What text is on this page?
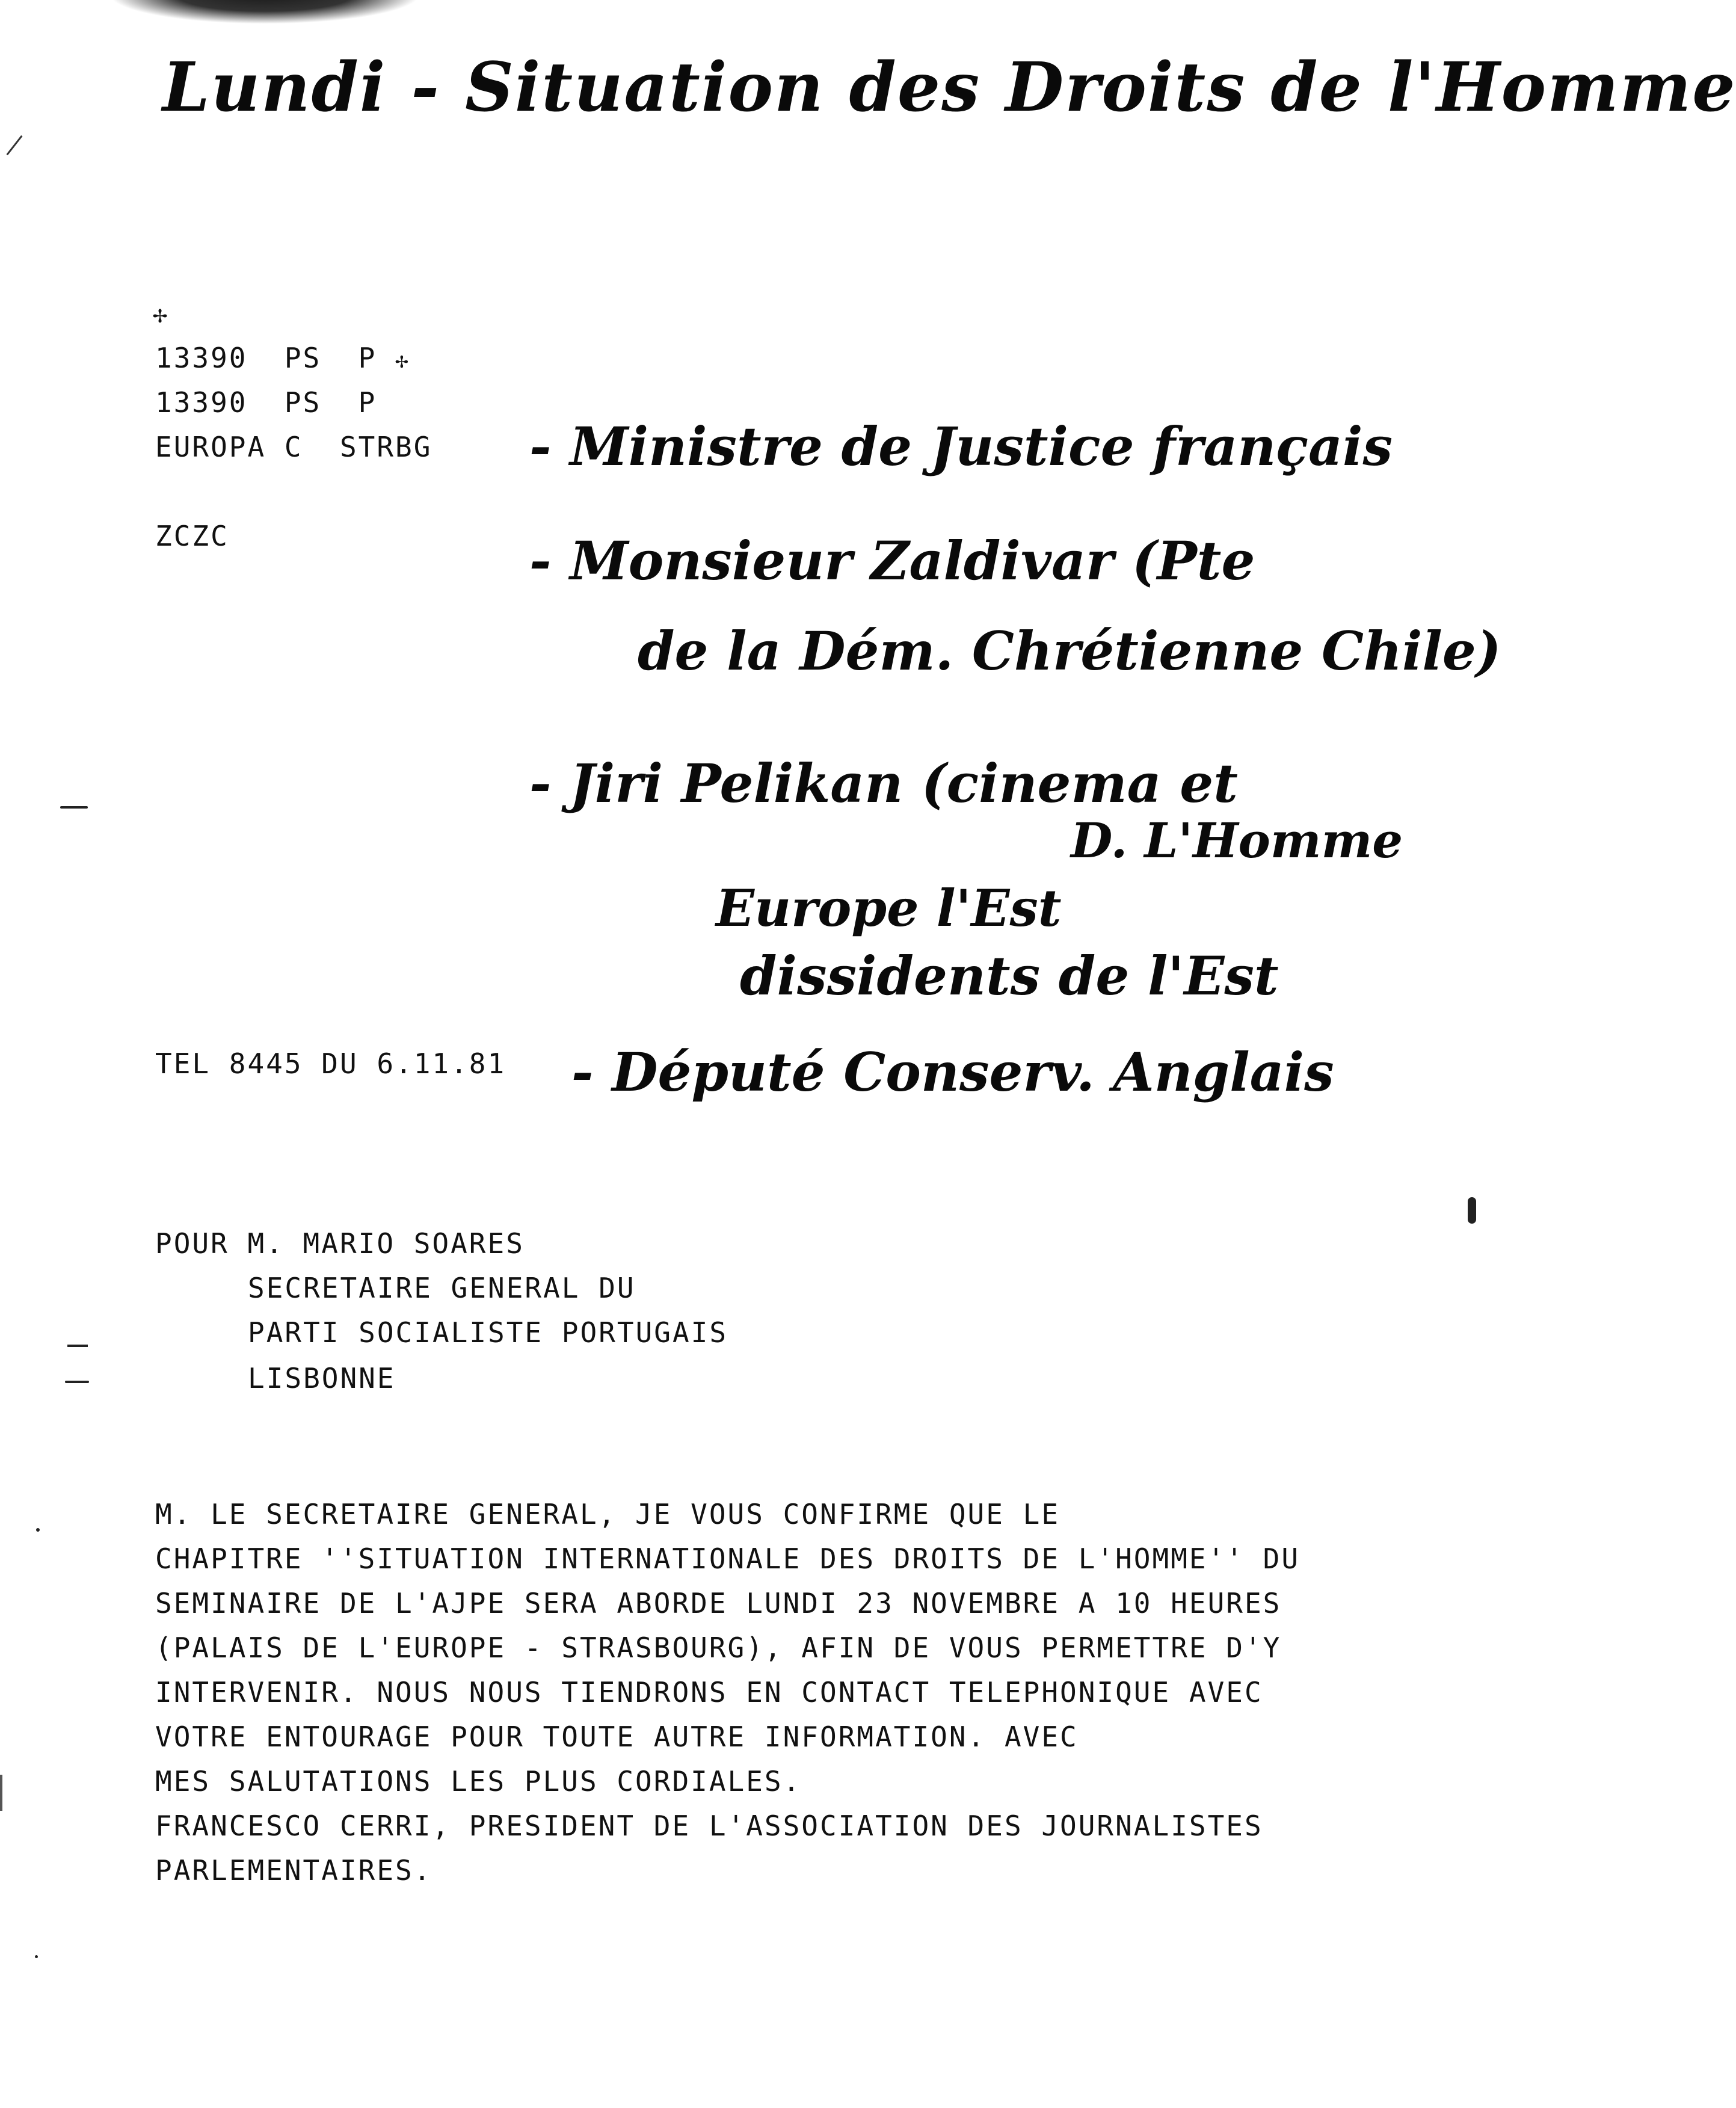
Lundi - Situation des Droits de l'Homme
✢
13390  PS  P ✢
13390  PS  P
EUROPA C  STRBG
ZCZC
- Ministre de Justice français
- Monsieur Zaldivar (Pte
de la Dém. Chrétienne Chile)
- Jiri Pelikan (cinema et
D. L'Homme
Europe l'Est
dissidents de l'Est
- Député Conserv. Anglais
TEL 8445 DU 6.11.81
POUR M. MARIO SOARES
SECRETAIRE GENERAL DU
PARTI SOCIALISTE PORTUGAIS
LISBONNE
M. LE SECRETAIRE GENERAL, JE VOUS CONFIRME QUE LE
CHAPITRE ''SITUATION INTERNATIONALE DES DROITS DE L'HOMME'' DU
SEMINAIRE DE L'AJPE SERA ABORDE LUNDI 23 NOVEMBRE A 10 HEURES
(PALAIS DE L'EUROPE - STRASBOURG), AFIN DE VOUS PERMETTRE D'Y
INTERVENIR. NOUS NOUS TIENDRONS EN CONTACT TELEPHONIQUE AVEC
VOTRE ENTOURAGE POUR TOUTE AUTRE INFORMATION. AVEC
MES SALUTATIONS LES PLUS CORDIALES.
FRANCESCO CERRI, PRESIDENT DE L'ASSOCIATION DES JOURNALISTES
PARLEMENTAIRES.
